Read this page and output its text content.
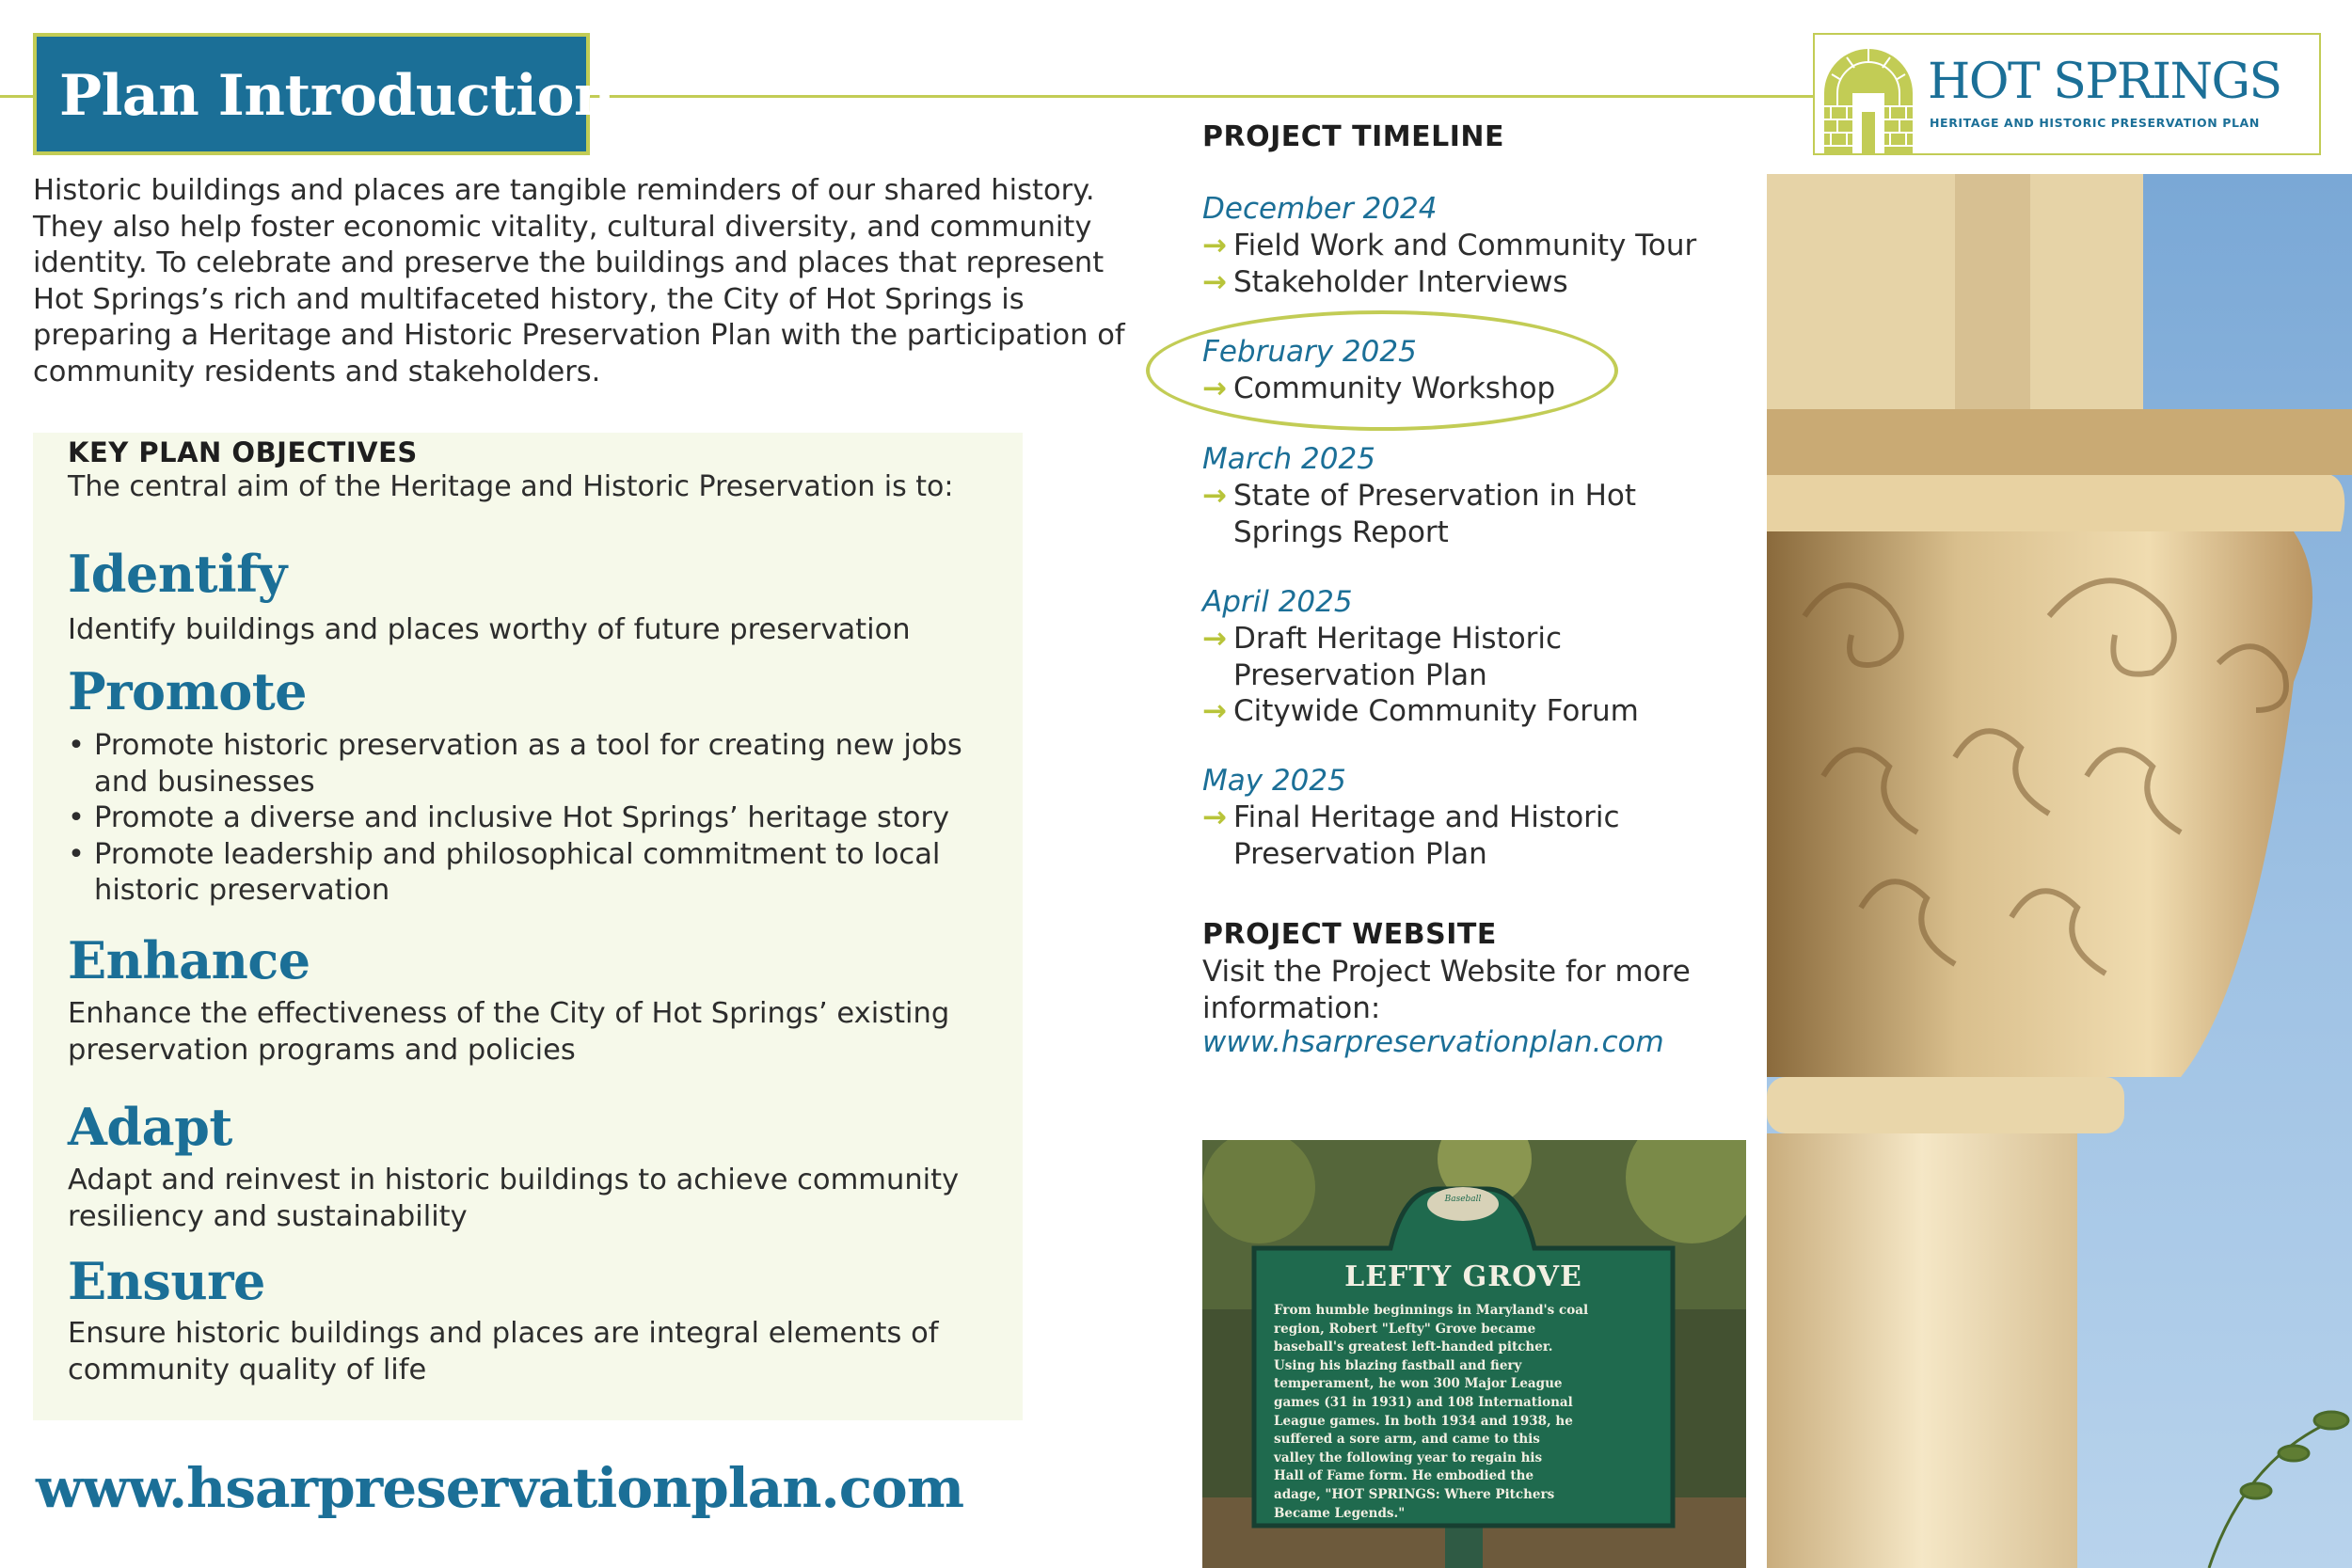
Plan Introduction

Historic buildings and places are tangible reminders of our shared history. They also help foster economic vitality, cultural diversity, and community identity. To celebrate and preserve the buildings and places that represent Hot Springs’s rich and multifaceted history, the City of Hot Springs is preparing a Heritage and Historic Preservation Plan with the participation of community residents and stakeholders.

KEY PLAN OBJECTIVES

The central aim of the Heritage and Historic Preservation is to:

Identify

Identify buildings and places worthy of future preservation

Promote
• Promote historic preservation as a tool for creating new jobs and businesses
• Promote a diverse and inclusive Hot Springs’ heritage story
• Promote leadership and philosophical commitment to local historic preservation
Enhance

Enhance the effectiveness of the City of Hot Springs’ existing preservation programs and policies

Adapt

Adapt and reinvest in historic buildings to achieve community resiliency and sustainability

Ensure

Ensure historic buildings and places are integral elements of community quality of life

www.hsarpreservationplan.com

PROJECT TIMELINE

December 2024

→ Field Work and Community Tour
→ Stakeholder Interviews

February 2025

→ Community Workshop

March 2025

→ State of Preservation in Hot Springs Report

April 2025

→ Draft Heritage Historic Preservation Plan
→ Citywide Community Forum

May 2025

→ Final Heritage and Historic Preservation Plan

PROJECT WEBSITE

Visit the Project Website for more information:

www.hsarpreservationplan.com

HOT SPRINGS

HERITAGE AND HISTORIC PRESERVATION PLAN

Baseball

LEFTY GROVE

From humble beginnings in Maryland's coal
region, Robert "Lefty" Grove became
baseball's greatest left-handed pitcher.
Using his blazing fastball and fiery
temperament, he won 300 Major League
games (31 in 1931) and 108 International
League games. In both 1934 and 1938, he
suffered a sore arm, and came to this
valley the following year to regain his
Hall of Fame form. He embodied the
adage, "HOT SPRINGS: Where Pitchers
Became Legends."
